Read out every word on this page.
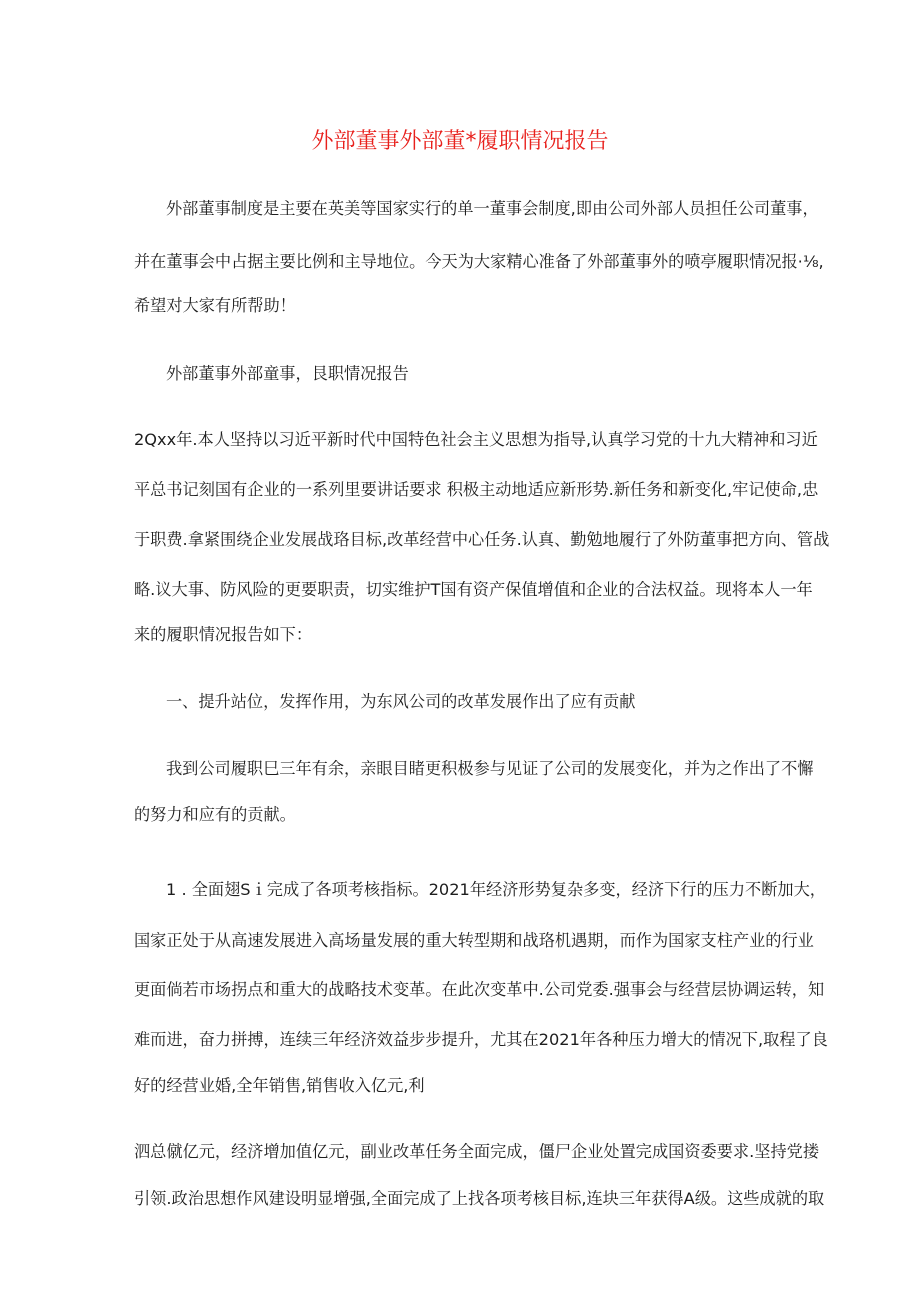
外部董事外部董*履职情况报告
外部董事制度是主要在英美等国家实行的单一董事会制度,即由公司外部人员担任公司董事，
并在董事会中占据主要比例和主导地位。今天为大家精心准备了外部董事外的喷亭履职情况报·⅛,
希望对大家有所帮助！
外部董事外部童事，艮职情况报告
2Qxx年.本人坚持以习近平新时代中国特色社会主义思想为指导,认真学习党的十九大精神和习近
平总书记刻国有企业的一系列里要讲话要求 积极主动地适应新形势.新任务和新变化,牢记使命,忠
于职费.拿紧围绕企业发展战珞目标,改革经营中心任务.认真、勤勉地履行了外防董事把方向、管战
略.议大事、防风险的更要职责，切实维护T国有资产保值增值和企业的合法权益。现将本人一年
来的履职情况报告如下：
一、提升站位，发挥作用，为东风公司的改革发展作出了应有贡献
我到公司履职巳三年有余，亲眼目睹更积极参与见证了公司的发展变化，并为之作出了不懈
的努力和应有的贡献。
1 . 全面翅Sｉ完成了各项考核指标。2021年经济形势复杂多变，经济下行的压力不断加大，
国家正处于从高速发展进入高场量发展的重大转型期和战珞机遇期，而作为国家支柱产业的行业
更面倘若市场拐点和重大的战略技术变革。在此次变革中.公司党委.强事会与经营层协调运转，知
难而进，奋力拼搏，连续三年经济效益步步提升，尤其在2021年各种压力增大的情况下,取程了良
好的经营业婚,全年销售,销售收入亿元,利
泗总僦亿元，经济增加值亿元，副业改革任务全面完成，僵尸企业处置完成国资委要求.坚持党搂
引领.政治思想作风建设明显增强,全面完成了上找各项考核目标,连块三年获得A级。这些成就的取
